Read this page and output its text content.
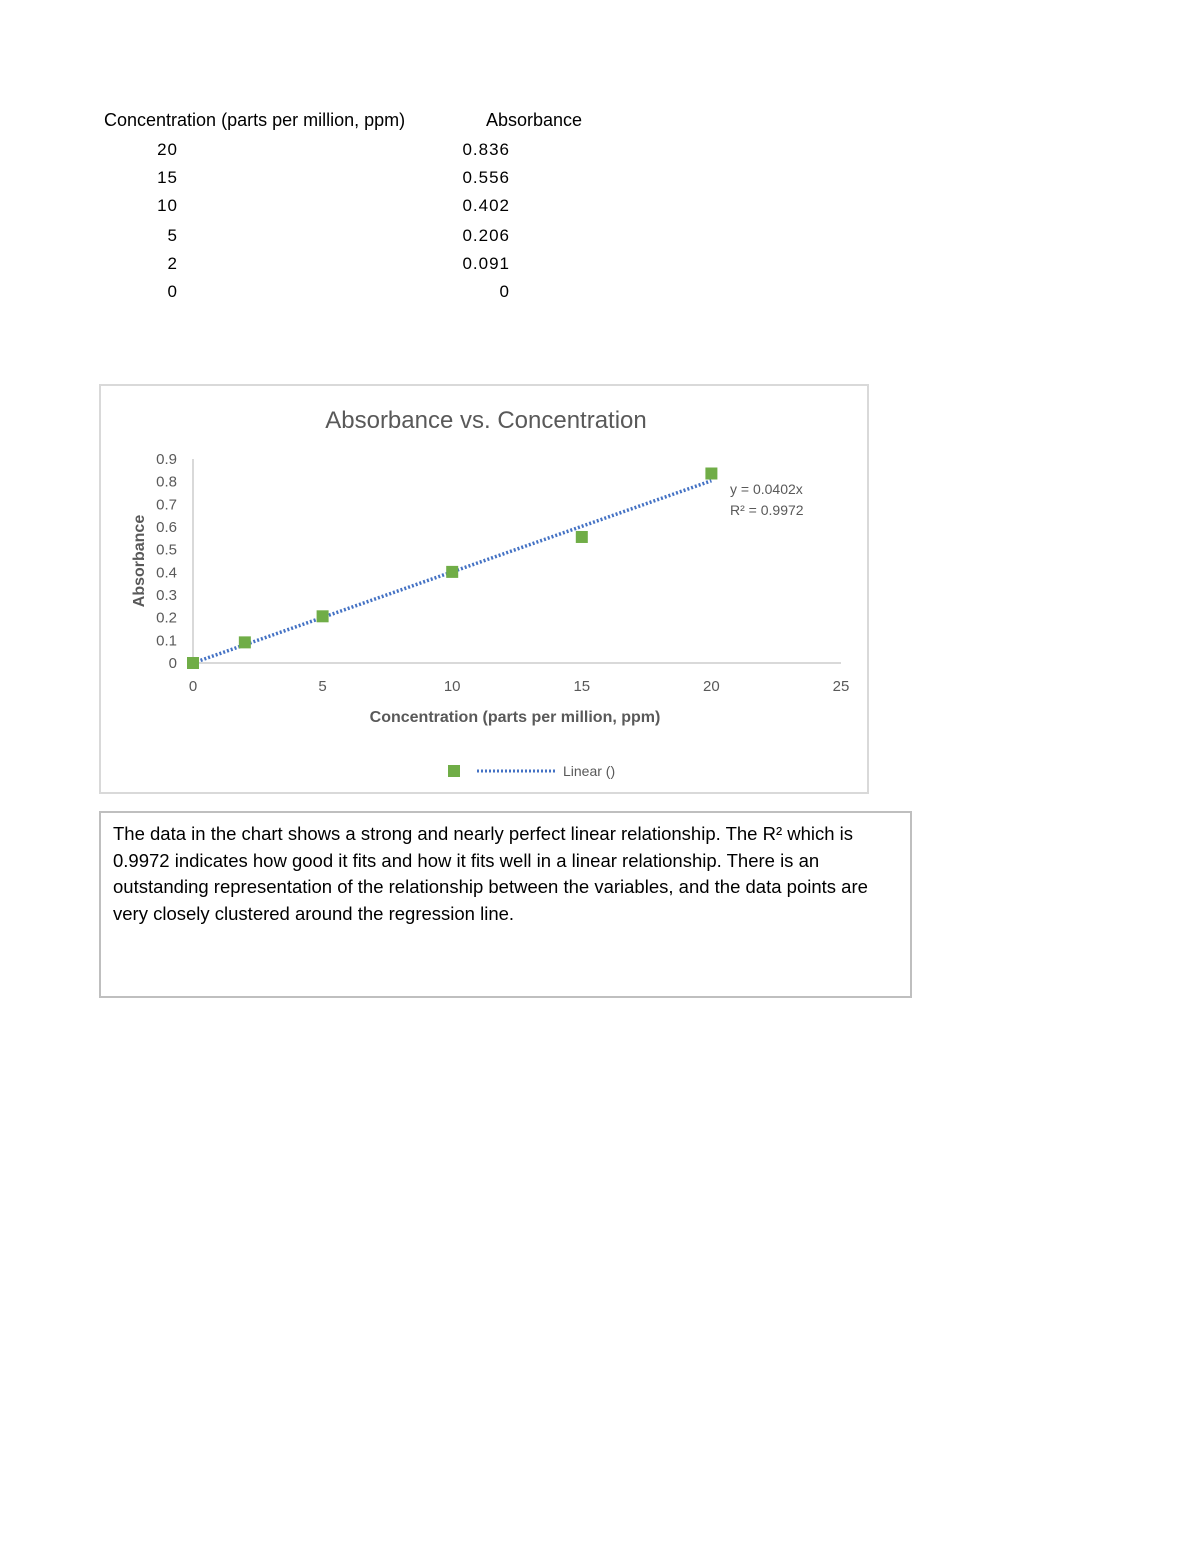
Concentration (parts per million, ppm)	Absorbance
20	0.836
15	0.556
10	0.402
5	0.206
2	0.091
0	0
Absorbance vs. Concentration
0
0.1
0.2
0.3
0.4
0.5
0.6
0.7
0.8
0.9
0	5	10	15	20	25
Concentration (parts per million, ppm)
Absorbance
y = 0.0402x
R² = 0.9972
Linear ()
The data in the chart shows a strong and nearly perfect linear relationship. The R² which is 0.9972 indicates how good it fits and how it fits well in a linear relationship. There is an outstanding representation of the relationship between the variables, and the data points are very closely clustered around the regression line.
